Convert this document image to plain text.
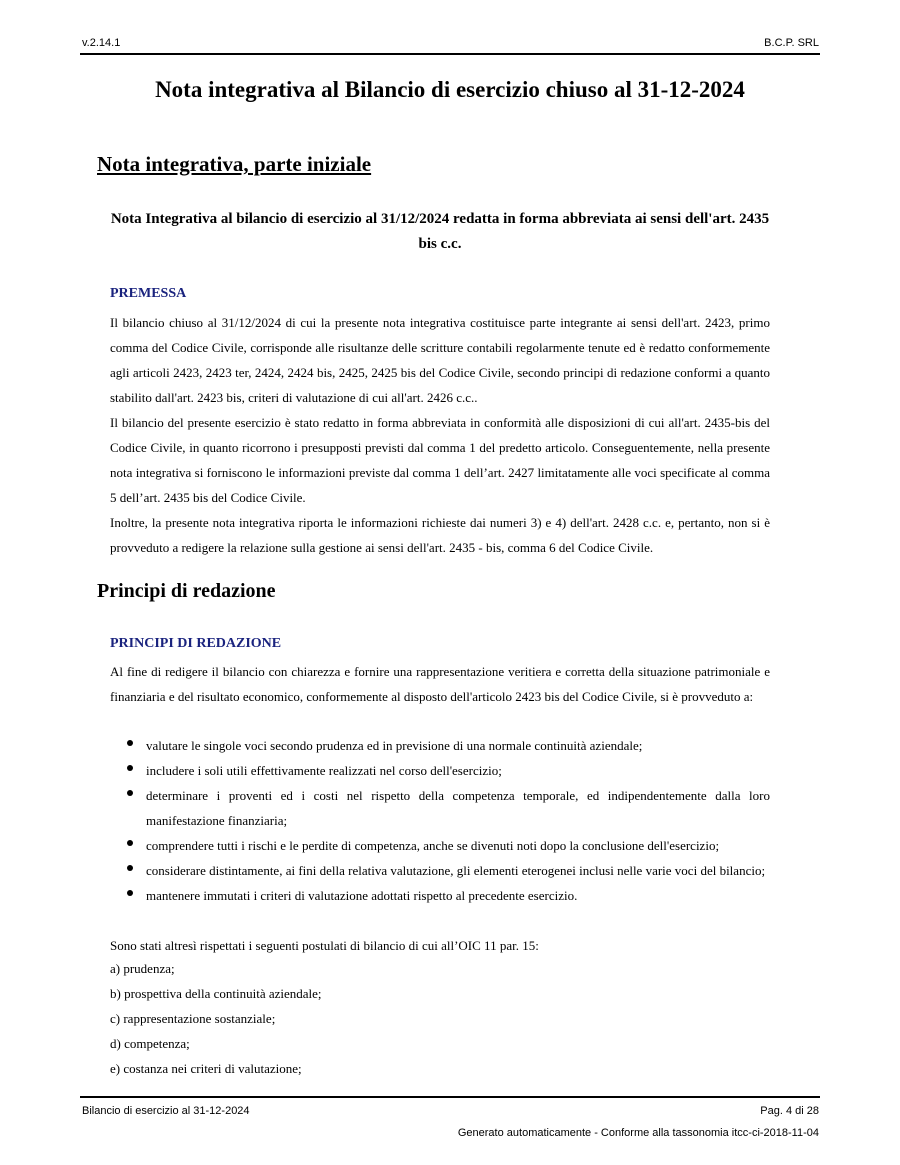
v.2.14.1	B.C.P. SRL
Nota integrativa al Bilancio di esercizio chiuso al 31-12-2024
Nota integrativa, parte iniziale

Nota Integrativa al bilancio di esercizio al 31/12/2024 redatta in forma abbreviata ai sensi dell'art. 2435 bis c.c.

PREMESSA

Il bilancio chiuso al 31/12/2024 di cui la presente nota integrativa costituisce parte integrante ai sensi dell'art. 2423, primo comma del Codice Civile, corrisponde alle risultanze delle scritture contabili regolarmente tenute ed è redatto conformemente agli articoli 2423, 2423 ter, 2424, 2424 bis, 2425, 2425 bis del Codice Civile, secondo principi di redazione conformi a quanto stabilito dall'art. 2423 bis, criteri di valutazione di cui all'art. 2426 c.c..

Il bilancio del presente esercizio è stato redatto in forma abbreviata in conformità alle disposizioni di cui all'art. 2435-bis del Codice Civile, in quanto ricorrono i presupposti previsti dal comma 1 del predetto articolo. Conseguentemente, nella presente nota integrativa si forniscono le informazioni previste dal comma 1 dell’art. 2427 limitatamente alle voci specificate al comma 5 dell’art. 2435 bis del Codice Civile.

Inoltre, la presente nota integrativa riporta le informazioni richieste dai numeri 3) e 4) dell'art. 2428 c.c. e, pertanto, non si è provveduto a redigere la relazione sulla gestione ai sensi dell'art. 2435 - bis, comma 6 del Codice Civile.

Principi di redazione
PRINCIPI DI REDAZIONE

Al fine di redigere il bilancio con chiarezza e fornire una rappresentazione veritiera e corretta della situazione patrimoniale e finanziaria e del risultato economico, conformemente al disposto dell'articolo 2423 bis del Codice Civile, si è provveduto a:

valutare le singole voci secondo prudenza ed in previsione di una normale continuità aziendale;
includere i soli utili effettivamente realizzati nel corso dell'esercizio;
determinare i proventi ed i costi nel rispetto della competenza temporale, ed indipendentemente dalla loro manifestazione finanziaria;
comprendere tutti i rischi e le perdite di competenza, anche se divenuti noti dopo la conclusione dell'esercizio;
considerare distintamente, ai fini della relativa valutazione, gli elementi eterogenei inclusi nelle varie voci del bilancio;
mantenere immutati i criteri di valutazione adottati rispetto al precedente esercizio.

Sono stati altresì rispettati i seguenti postulati di bilancio di cui all’OIC 11 par. 15:

a) prudenza;
b) prospettiva della continuità aziendale;
c) rappresentazione sostanziale;
d) competenza;
e) costanza nei criteri di valutazione;
Bilancio di esercizio al 31-12-2024	Pag. 4 di 28
Generato automaticamente - Conforme alla tassonomia itcc-ci-2018-11-04
